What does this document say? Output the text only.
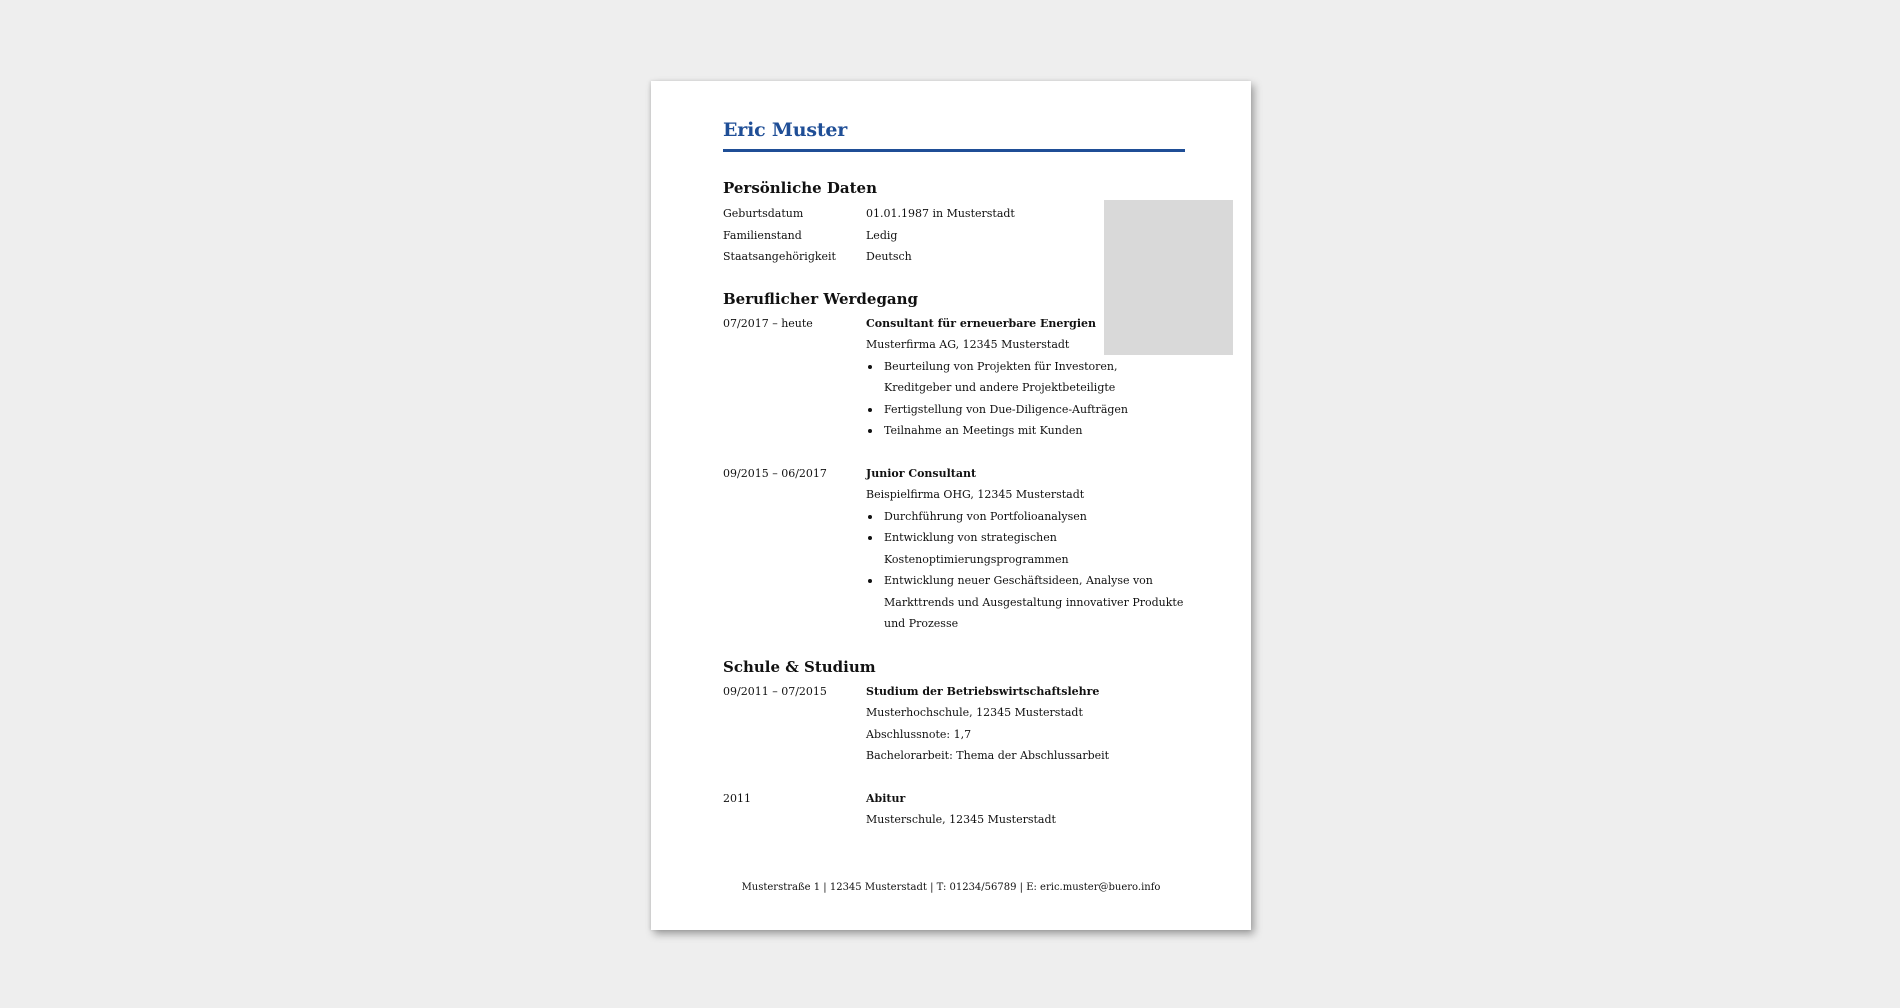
Eric Muster
Persönliche Daten
Geburtsdatum	01.01.1987 in Musterstadt
Familienstand	Ledig
Staatsangehörigkeit	Deutsch
Beruflicher Werdegang
07/2017 – heute	Consultant für erneuerbare Energien
Musterfirma AG, 12345 Musterstadt
Beurteilung von Projekten für Investoren, Kreditgeber und andere Projektbeteiligte
Fertigstellung von Due-Diligence-Aufträgen
Teilnahme an Meetings mit Kunden
09/2015 – 06/2017	Junior Consultant
Beispielfirma OHG, 12345 Musterstadt
Durchführung von Portfolioanalysen
Entwicklung von strategischen Kostenoptimierungsprogrammen
Entwicklung neuer Geschäftsideen, Analyse von Markttrends und Ausgestaltung innovativer Produkte und Prozesse
Schule & Studium
09/2011 – 07/2015	Studium der Betriebswirtschaftslehre
Musterhochschule, 12345 Musterstadt
Abschlussnote: 1,7
Bachelorarbeit: Thema der Abschlussarbeit
2011	Abitur
Musterschule, 12345 Musterstadt
Musterstraße 1 | 12345 Musterstadt | T: 01234/56789 | E: eric.muster@buero.info
